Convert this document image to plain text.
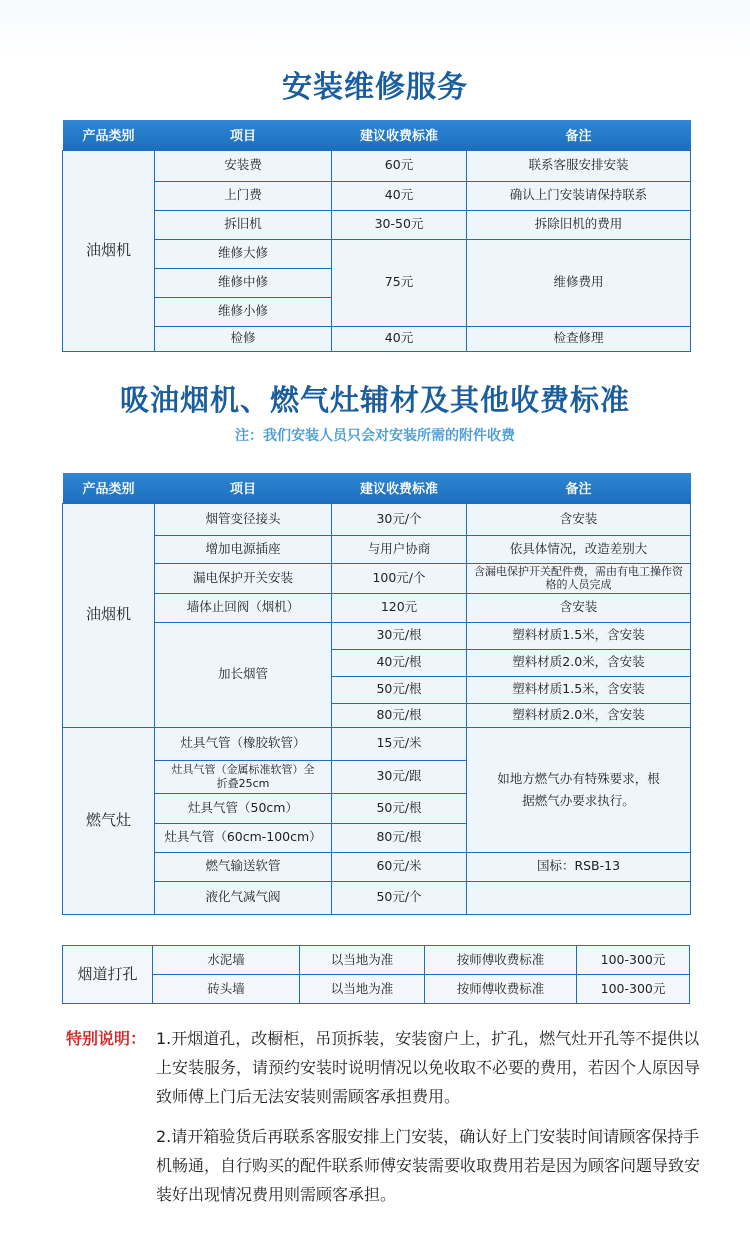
安装维修服务
产品类别	项目	建议收费标准	备注
油烟机	安装费	60元	联系客服安排安装
	上门费	40元	确认上门安装请保持联系
	拆旧机	30-50元	拆除旧机的费用
	维修大修	75元	维修费用
	维修中修		
	维修小修		
	检修	40元	检查修理
吸油烟机、燃气灶辅材及其他收费标准
注：我们安装人员只会对安装所需的附件收费
产品类别	项目	建议收费标准	备注
油烟机	烟管变径接头	30元/个	含安装
	增加电源插座	与用户协商	依具体情况，改造差别大
	漏电保护开关安装	100元/个	含漏电保护开关配件费，需由有电工操作资格的人员完成
	墙体止回阀（烟机）	120元	含安装
	加长烟管	30元/根	塑料材质1.5米，含安装
		40元/根	塑料材质2.0米，含安装
		50元/根	塑料材质1.5米，含安装
		80元/根	塑料材质2.0米，含安装
燃气灶	灶具气管（橡胶软管）	15元/米	如地方燃气办有特殊要求，根据燃气办要求执行。
	灶具气管（金属标准软管）全折叠25cm	30元/跟	
	灶具气管（50cm）	50元/根	
	灶具气管（60cm-100cm）	80元/根	
	燃气输送软管	60元/米	国标：RSB-13
	液化气减气阀	50元/个	
烟道打孔	水泥墙	以当地为准	按师傅收费标准	100-300元
	砖头墙	以当地为准	按师傅收费标准	100-300元
特别说明： 1.开烟道孔，改橱柜，吊顶拆装，安装窗户上，扩孔，燃气灶开孔等不提供以上安装服务，请预约安装时说明情况以免收取不必要的费用，若因个人原因导致师傅上门后无法安装则需顾客承担费用。
2.请开箱验货后再联系客服安排上门安装，确认好上门安装时间请顾客保持手机畅通，自行购买的配件联系师傅安装需要收取费用若是因为顾客问题导致安装好出现情况费用则需顾客承担。
